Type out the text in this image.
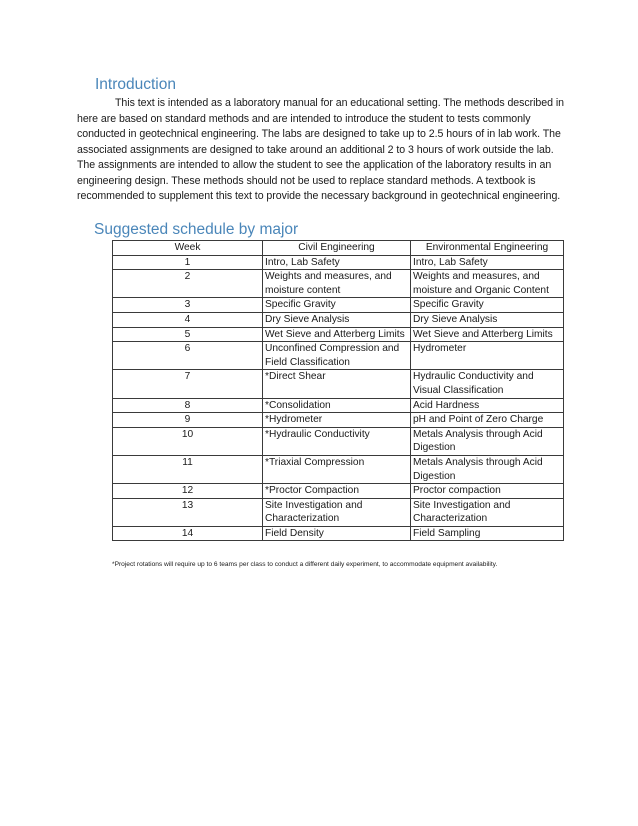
Introduction

This text is intended as a laboratory manual for an educational setting. The methods described in here are based on standard methods and are intended to introduce the student to tests commonly conducted in geotechnical engineering. The labs are designed to take up to 2.5 hours of in lab work. The associated assignments are designed to take around an additional 2 to 3 hours of work outside the lab. The assignments are intended to allow the student to see the application of the laboratory results in an engineering design. These methods should not be used to replace standard methods. A textbook is recommended to supplement this text to provide the necessary background in geotechnical engineering.

Suggested schedule by major
Week	Civil Engineering	Environmental Engineering
1	Intro, Lab Safety	Intro, Lab Safety
2	Weights and measures, and moisture content	Weights and measures, and moisture and Organic Content
3	Specific Gravity	Specific Gravity
4	Dry Sieve Analysis	Dry Sieve Analysis
5	Wet Sieve and Atterberg Limits	Wet Sieve and Atterberg Limits
6	Unconfined Compression and Field Classification	Hydrometer
7	*Direct Shear	Hydraulic Conductivity and Visual Classification
8	*Consolidation	Acid Hardness
9	*Hydrometer	pH and Point of Zero Charge
10	*Hydraulic Conductivity	Metals Analysis through Acid Digestion
11	*Triaxial Compression	Metals Analysis through Acid Digestion
12	*Proctor Compaction	Proctor compaction
13	Site Investigation and Characterization	Site Investigation and Characterization
14	Field Density	Field Sampling

*Project rotations will require up to 6 teams per class to conduct a different daily experiment, to accommodate equipment availability.
